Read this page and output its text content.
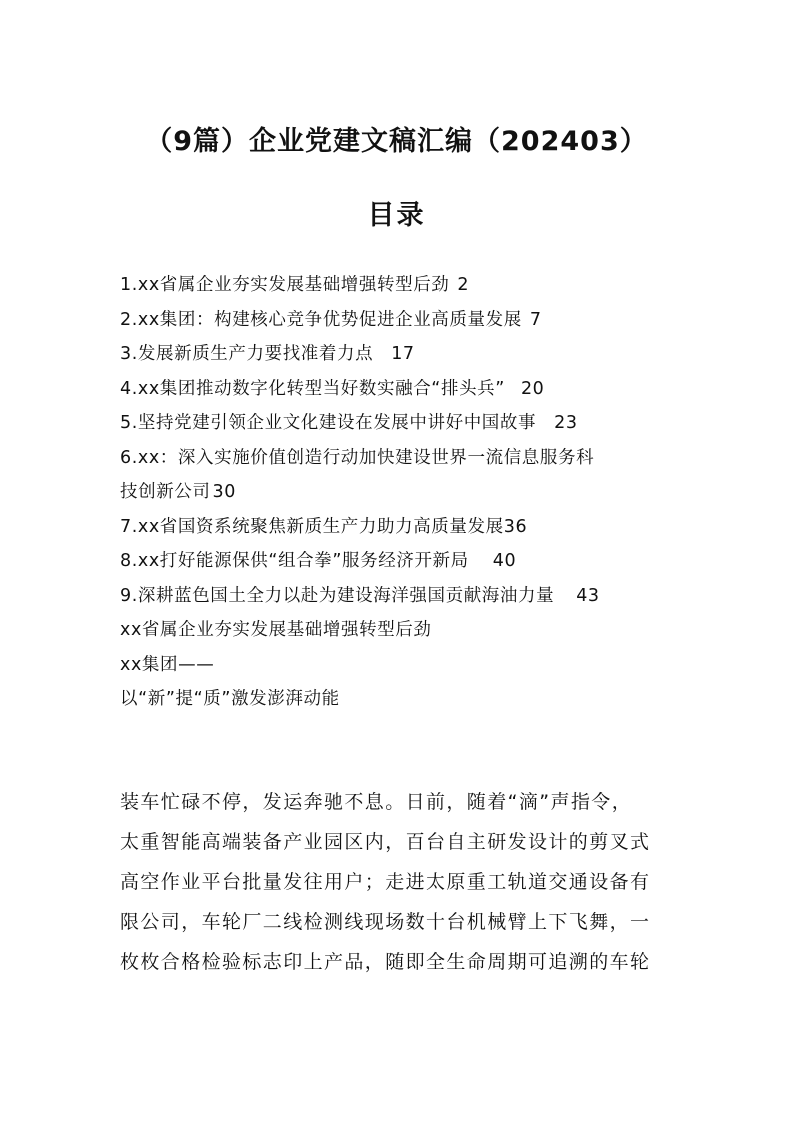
（9篇）企业党建文稿汇编（202403）
目录
1.xx省属企业夯实发展基础增强转型后劲 2
2.xx集团：构建核心竞争优势促进企业高质量发展 7
3.发展新质生产力要找准着力点 17
4.xx集团推动数字化转型当好数实融合“排头兵” 20
5.坚持党建引领企业文化建设在发展中讲好中国故事 23
6.xx：深入实施价值创造行动加快建设世界一流信息服务科
技创新公司 30
7.xx省国资系统聚焦新质生产力助力高质量发展36
8.xx打好能源保供“组合拳”服务经济开新局 40
9.深耕蓝色国土全力以赴为建设海洋强国贡献海油力量 43
xx省属企业夯实发展基础增强转型后劲
xx集团——
以“新”提“质”激发澎湃动能
装车忙碌不停，发运奔驰不息。日前，随着“滴”声指令，
太重智能高端装备产业园区内，百台自主研发设计的剪叉式
高空作业平台批量发往用户；走进太原重工轨道交通设备有
限公司，车轮厂二线检测线现场数十台机械臂上下飞舞，一
枚枚合格检验标志印上产品，随即全生命周期可追溯的车轮
